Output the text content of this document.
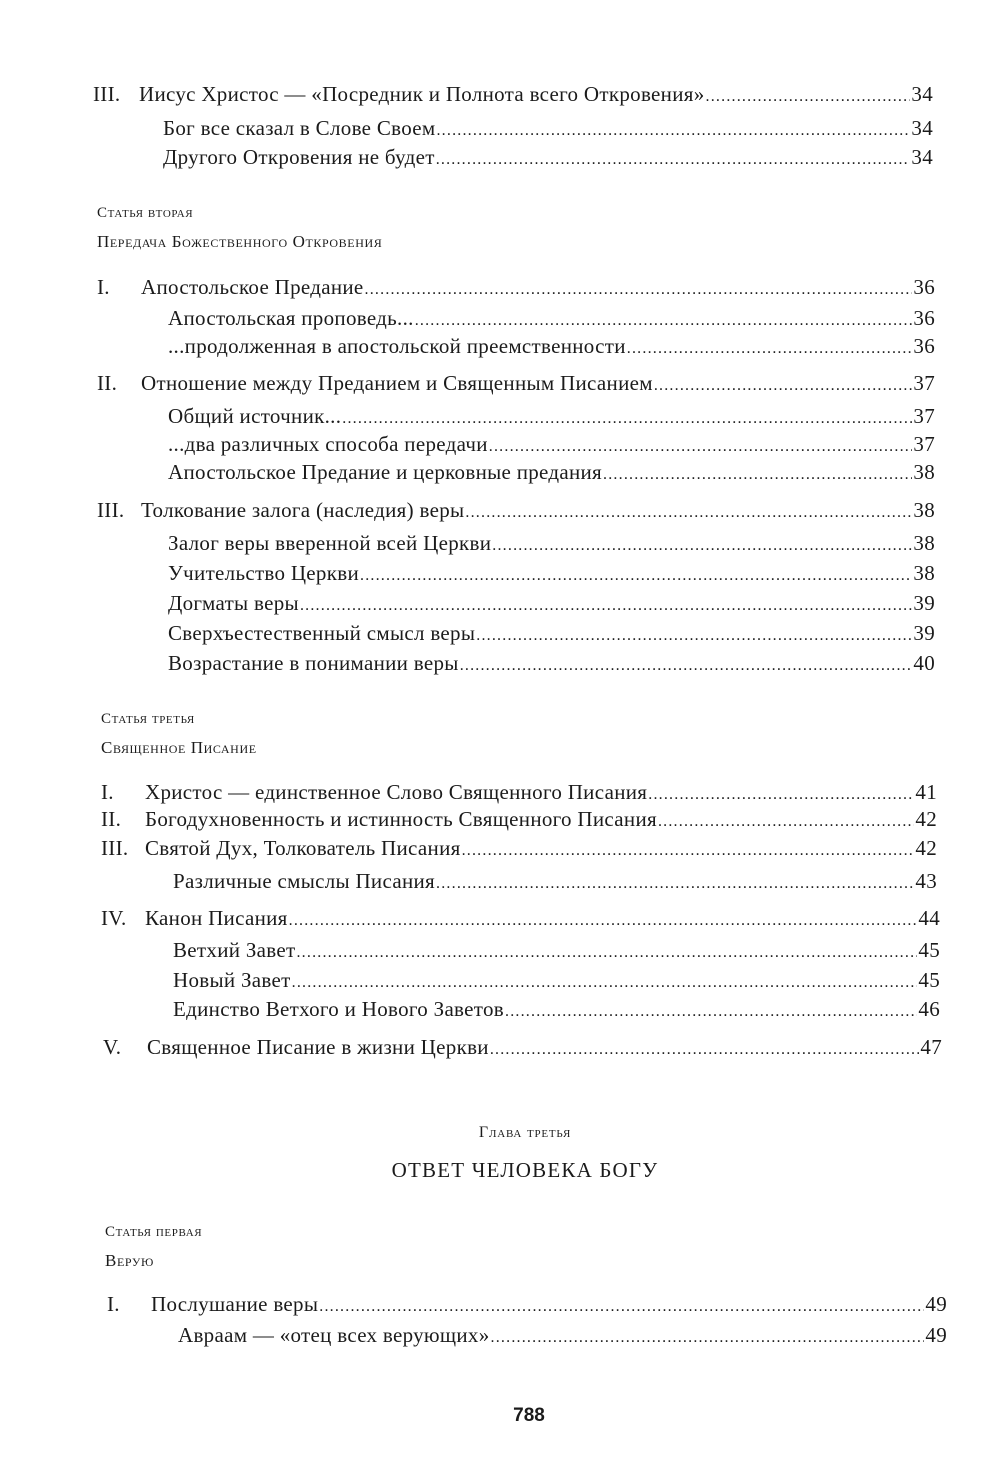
III. Иисус Христос — «Посредник и Полнота всего Откровения» .....	34
Бог все сказал в Слове Своем .....	34
Другого Откровения не будет .....	34
Статья вторая
Передача Божественного Откровения
I.	Апостольское Предание .....	36
Апостольская проповедь... .....	36
...продолженная в апостольской преемственности .....	36
II.	Отношение между Преданием и Священным Писанием .....	37
Общий источник... .....	37
...два различных способа передачи .....	37
Апостольское Предание и церковные предания .....	38
III. Толкование залога (наследия) веры .....	38
Залог веры вверенной всей Церкви .....	38
Учительство Церкви .....	38
Догматы веры .....	39
Сверхъестественный смысл веры .....	39
Возрастание в понимании веры .....	40
Статья третья
Священное Писание
I.	Христос — единственное Слово Священного Писания .....	41
II.	Богодухновенность и истинность Священного Писания .....	42
III. Святой Дух, Толкователь Писания .....	42
Различные смыслы Писания .....	43
IV. Канон Писания .....	44
Ветхий Завет .....	45
Новый Завет .....	45
Единство Ветхого и Нового Заветов .....	46
V.	Священное Писание в жизни Церкви .....	47
Глава третья
ОТВЕТ ЧЕЛОВЕКА БОГУ
Статья первая
Верую
I.	Послушание веры .....	49
Авраам — «отец всех верующих» .....	49
788
